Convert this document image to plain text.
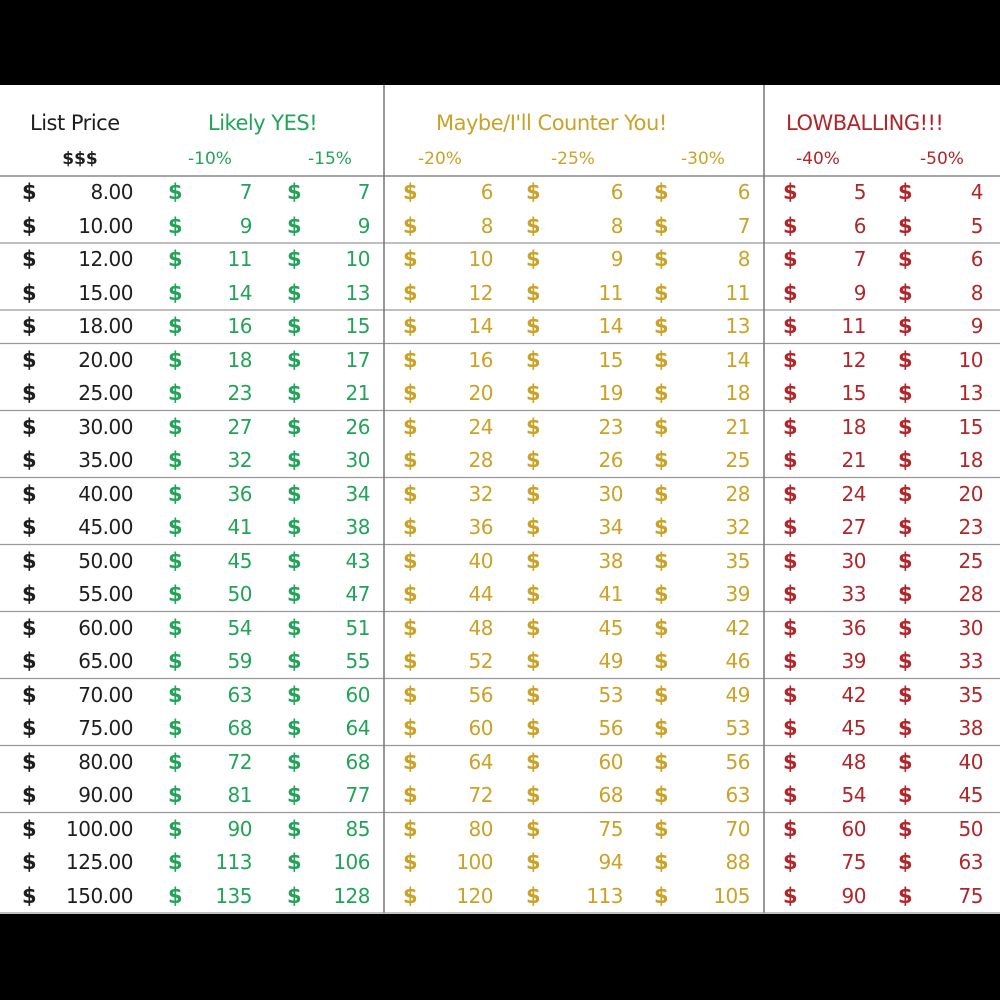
List Price
$$$
Likely YES!	Maybe/I'll Counter You!	LOWBALLING!!!
-10%	-15%	-20%	-25%	-30%	-40%	-50%
$	8.00 $	7 $	7 $	6 $	6 $	6 $	5 $	4
$	10.00 $	9 $	9 $	8 $	8 $	7 $	6 $	5
$	12.00 $	11 $	10 $	10 $	9 $	8 $	7 $	6
$	15.00 $	14 $	13 $	12 $	11 $	11 $	9 $	8
$	18.00 $	16 $	15 $	14 $	14 $	13 $	11 $	9
$	20.00 $	18 $	17 $	16 $	15 $	14 $	12 $	10
$	25.00 $	23 $	21 $	20 $	19 $	18 $	15 $	13
$	30.00 $	27 $	26 $	24 $	23 $	21 $	18 $	15
$	35.00 $	32 $	30 $	28 $	26 $	25 $	21 $	18
$	40.00 $	36 $	34 $	32 $	30 $	28 $	24 $	20
$	45.00 $	41 $	38 $	36 $	34 $	32 $	27 $	23
$	50.00 $	45 $	43 $	40 $	38 $	35 $	30 $	25
$	55.00 $	50 $	47 $	44 $	41 $	39 $	33 $	28
$	60.00 $	54 $	51 $	48 $	45 $	42 $	36 $	30
$	65.00 $	59 $	55 $	52 $	49 $	46 $	39 $	33
$	70.00 $	63 $	60 $	56 $	53 $	49 $	42 $	35
$	75.00 $	68 $	64 $	60 $	56 $	53 $	45 $	38
$	80.00 $	72 $	68 $	64 $	60 $	56 $	48 $	40
$	90.00 $	81 $	77 $	72 $	68 $	63 $	54 $	45
$	100.00 $	90 $	85 $	80 $	75 $	70 $	60 $	50
$	125.00 $	113 $	106 $	100 $	94 $	88 $	75 $	63
$	150.00 $	135 $	128 $	120 $	113 $	105 $	90 $	75
